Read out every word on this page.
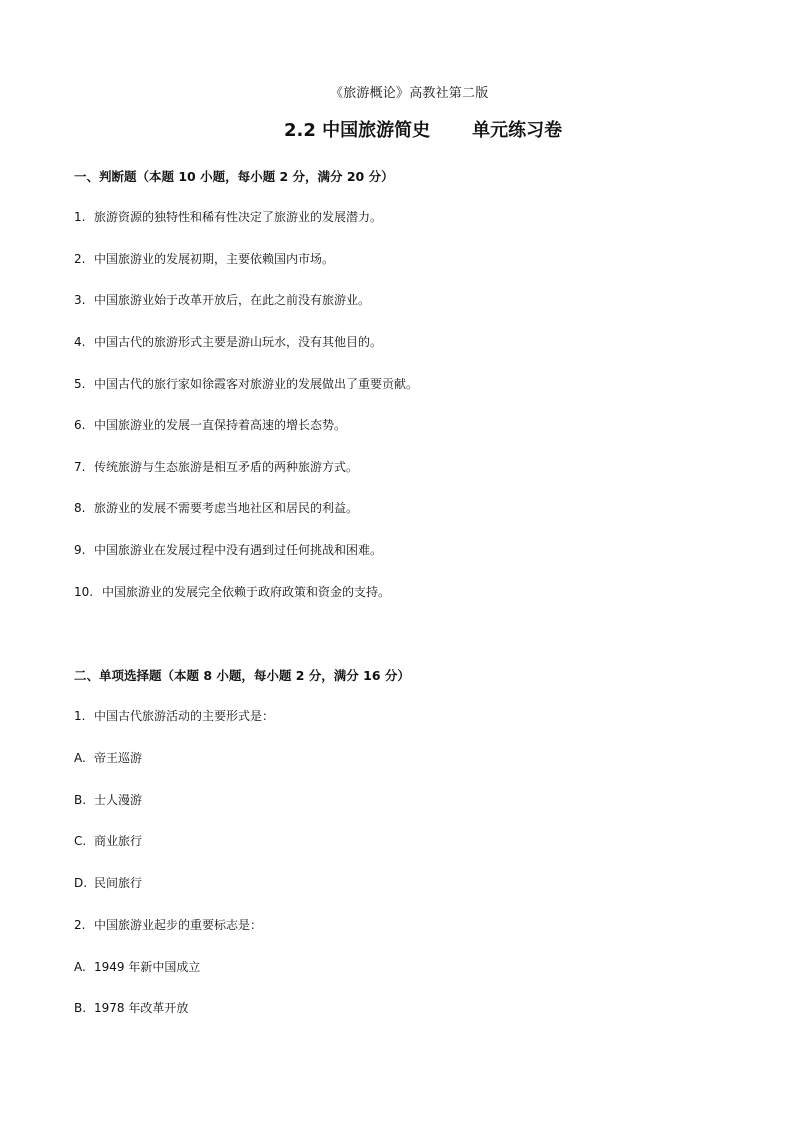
《旅游概论》高教社第二版
2.2 中国旅游简史 单元练习卷
一、判断题（本题 10 小题，每小题 2 分，满分 20 分）
1. 旅游资源的独特性和稀有性决定了旅游业的发展潜力。
2. 中国旅游业的发展初期，主要依赖国内市场。
3. 中国旅游业始于改革开放后，在此之前没有旅游业。
4. 中国古代的旅游形式主要是游山玩水，没有其他目的。
5. 中国古代的旅行家如徐霞客对旅游业的发展做出了重要贡献。
6. 中国旅游业的发展一直保持着高速的增长态势。
7. 传统旅游与生态旅游是相互矛盾的两种旅游方式。
8. 旅游业的发展不需要考虑当地社区和居民的利益。
9. 中国旅游业在发展过程中没有遇到过任何挑战和困难。
10. 中国旅游业的发展完全依赖于政府政策和资金的支持。
二、单项选择题（本题 8 小题，每小题 2 分，满分 16 分）
1. 中国古代旅游活动的主要形式是：
A. 帝王巡游
B. 士人漫游
C. 商业旅行
D. 民间旅行
2. 中国旅游业起步的重要标志是：
A. 1949 年新中国成立
B. 1978 年改革开放
